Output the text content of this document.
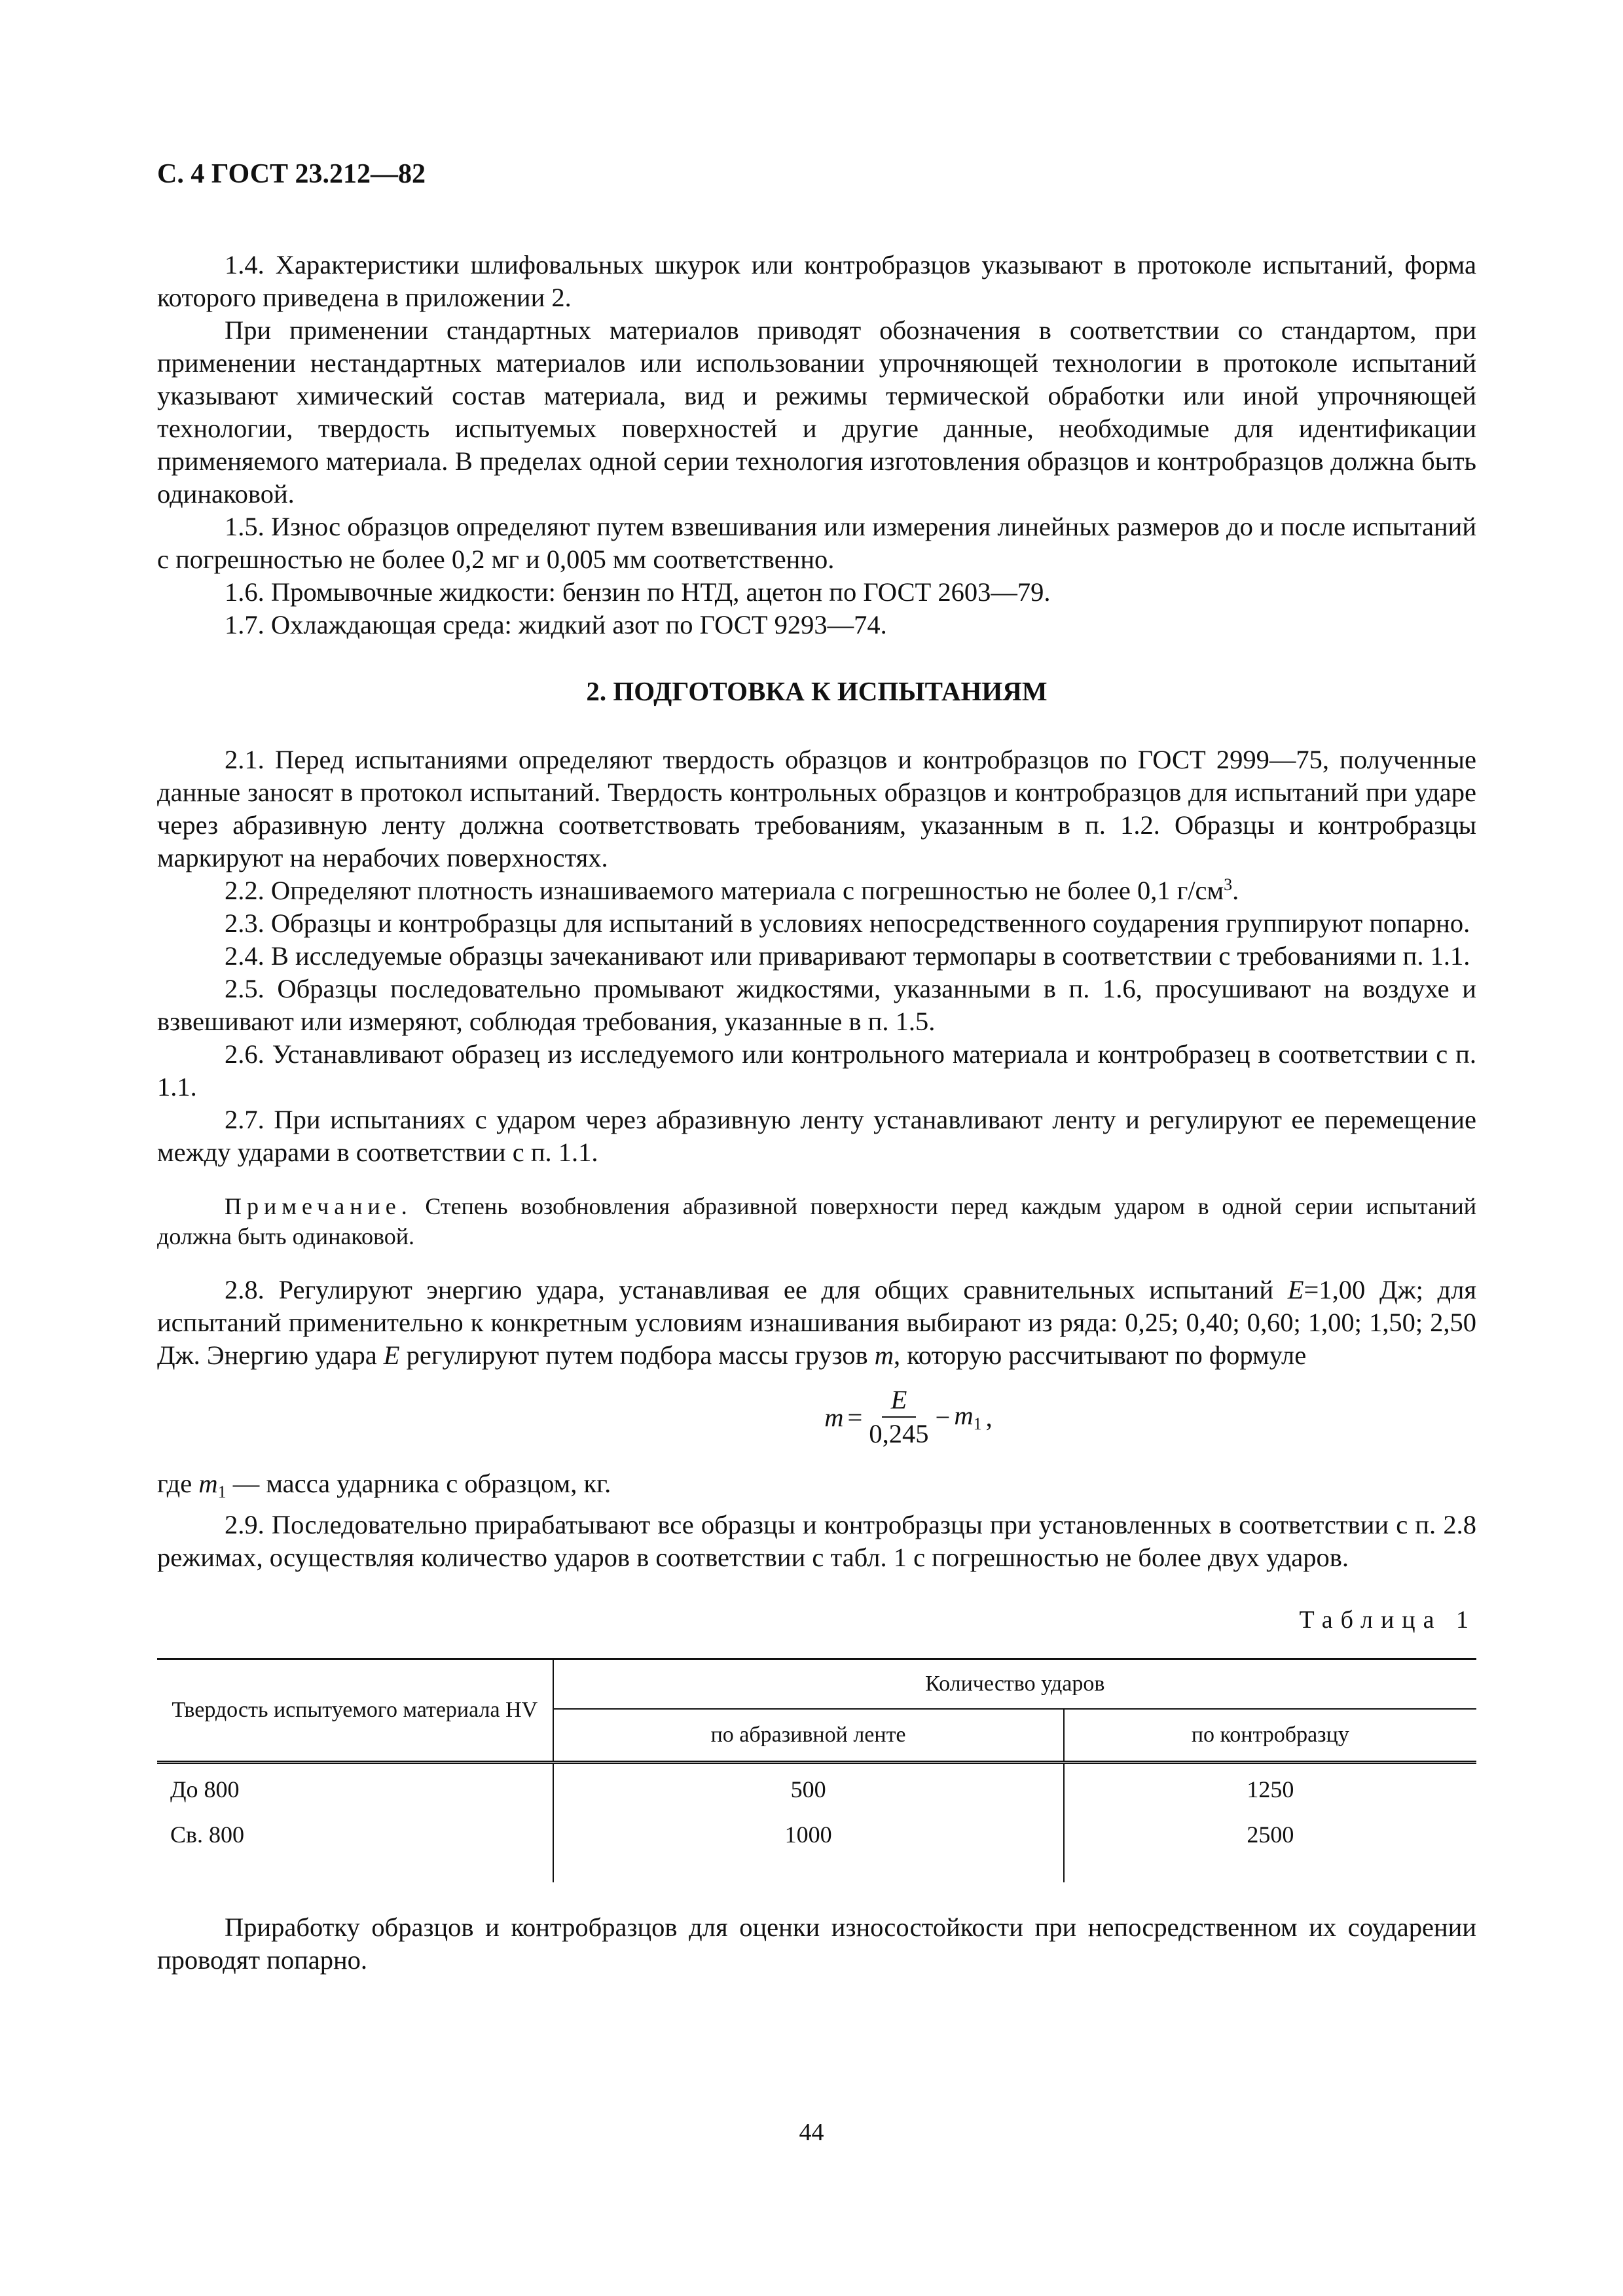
С. 4 ГОСТ 23.212—82

1.4. Характеристики шлифовальных шкурок или контробразцов указывают в протоколе испытаний, форма которого приведена в приложении 2.

При применении стандартных материалов приводят обозначения в соответствии со стандартом, при применении нестандартных материалов или использовании упрочняющей технологии в протоколе испытаний указывают химический состав материала, вид и режимы термической обработки или иной упрочняющей технологии, твердость испытуемых поверхностей и другие данные, необходимые для идентификации применяемого материала. В пределах одной серии технология изготовления образцов и контробразцов должна быть одинаковой.

1.5. Износ образцов определяют путем взвешивания или измерения линейных размеров до и после испытаний с погрешностью не более 0,2 мг и 0,005 мм соответственно.

1.6. Промывочные жидкости: бензин по НТД, ацетон по ГОСТ 2603—79.

1.7. Охлаждающая среда: жидкий азот по ГОСТ 9293—74.

2. ПОДГОТОВКА К ИСПЫТАНИЯМ

2.1. Перед испытаниями определяют твердость образцов и контробразцов по ГОСТ 2999—75, полученные данные заносят в протокол испытаний. Твердость контрольных образцов и контробразцов для испытаний при ударе через абразивную ленту должна соответствовать требованиям, указанным в п. 1.2. Образцы и контробразцы маркируют на нерабочих поверхностях.

2.2. Определяют плотность изнашиваемого материала с погрешностью не более 0,1 $г/см^3$.

2.3. Образцы и контробразцы для испытаний в условиях непосредственного соударения группируют попарно.

2.4. В исследуемые образцы зачеканивают или приваривают термопары в соответствии с требованиями п. 1.1.

2.5. Образцы последовательно промывают жидкостями, указанными в п. 1.6, просушивают на воздухе и взвешивают или измеряют, соблюдая требования, указанные в п. 1.5.

2.6. Устанавливают образец из исследуемого или контрольного материала и контробразец в соответствии с п. 1.1.

2.7. При испытаниях с ударом через абразивную ленту устанавливают ленту и регулируют ее перемещение между ударами в соответствии с п. 1.1.

Примечание. Степень возобновления абразивной поверхности перед каждым ударом в одной серии испытаний должна быть одинаковой.

2.8. Регулируют энергию удара, устанавливая ее для общих сравнительных испытаний E=1,00 Дж; для испытаний применительно к конкретным условиям изнашивания выбирают из ряда: 0,25; 0,40; 0,60; 1,00; 1,50; 2,50 Дж. Энергию удара E регулируют путем подбора массы грузов m, которую рассчитывают по формуле

$m = \frac{E}{0,245} - m_1$ ,

где $m_1$ — масса ударника с образцом, кг.

2.9. Последовательно прирабатывают все образцы и контробразцы при установленных в соответствии с п. 2.8 режимах, осуществляя количество ударов в соответствии с табл. 1 с погрешностью не более двух ударов.

Таблица 1
Твердость испытуемого материала HV	Количество ударов	
	по абразивной ленте	по контробразцу
До 800	500	1250
Св. 800	1000	2500

Приработку образцов и контробразцов для оценки износостойкости при непосредственном их соударении проводят попарно.

44
